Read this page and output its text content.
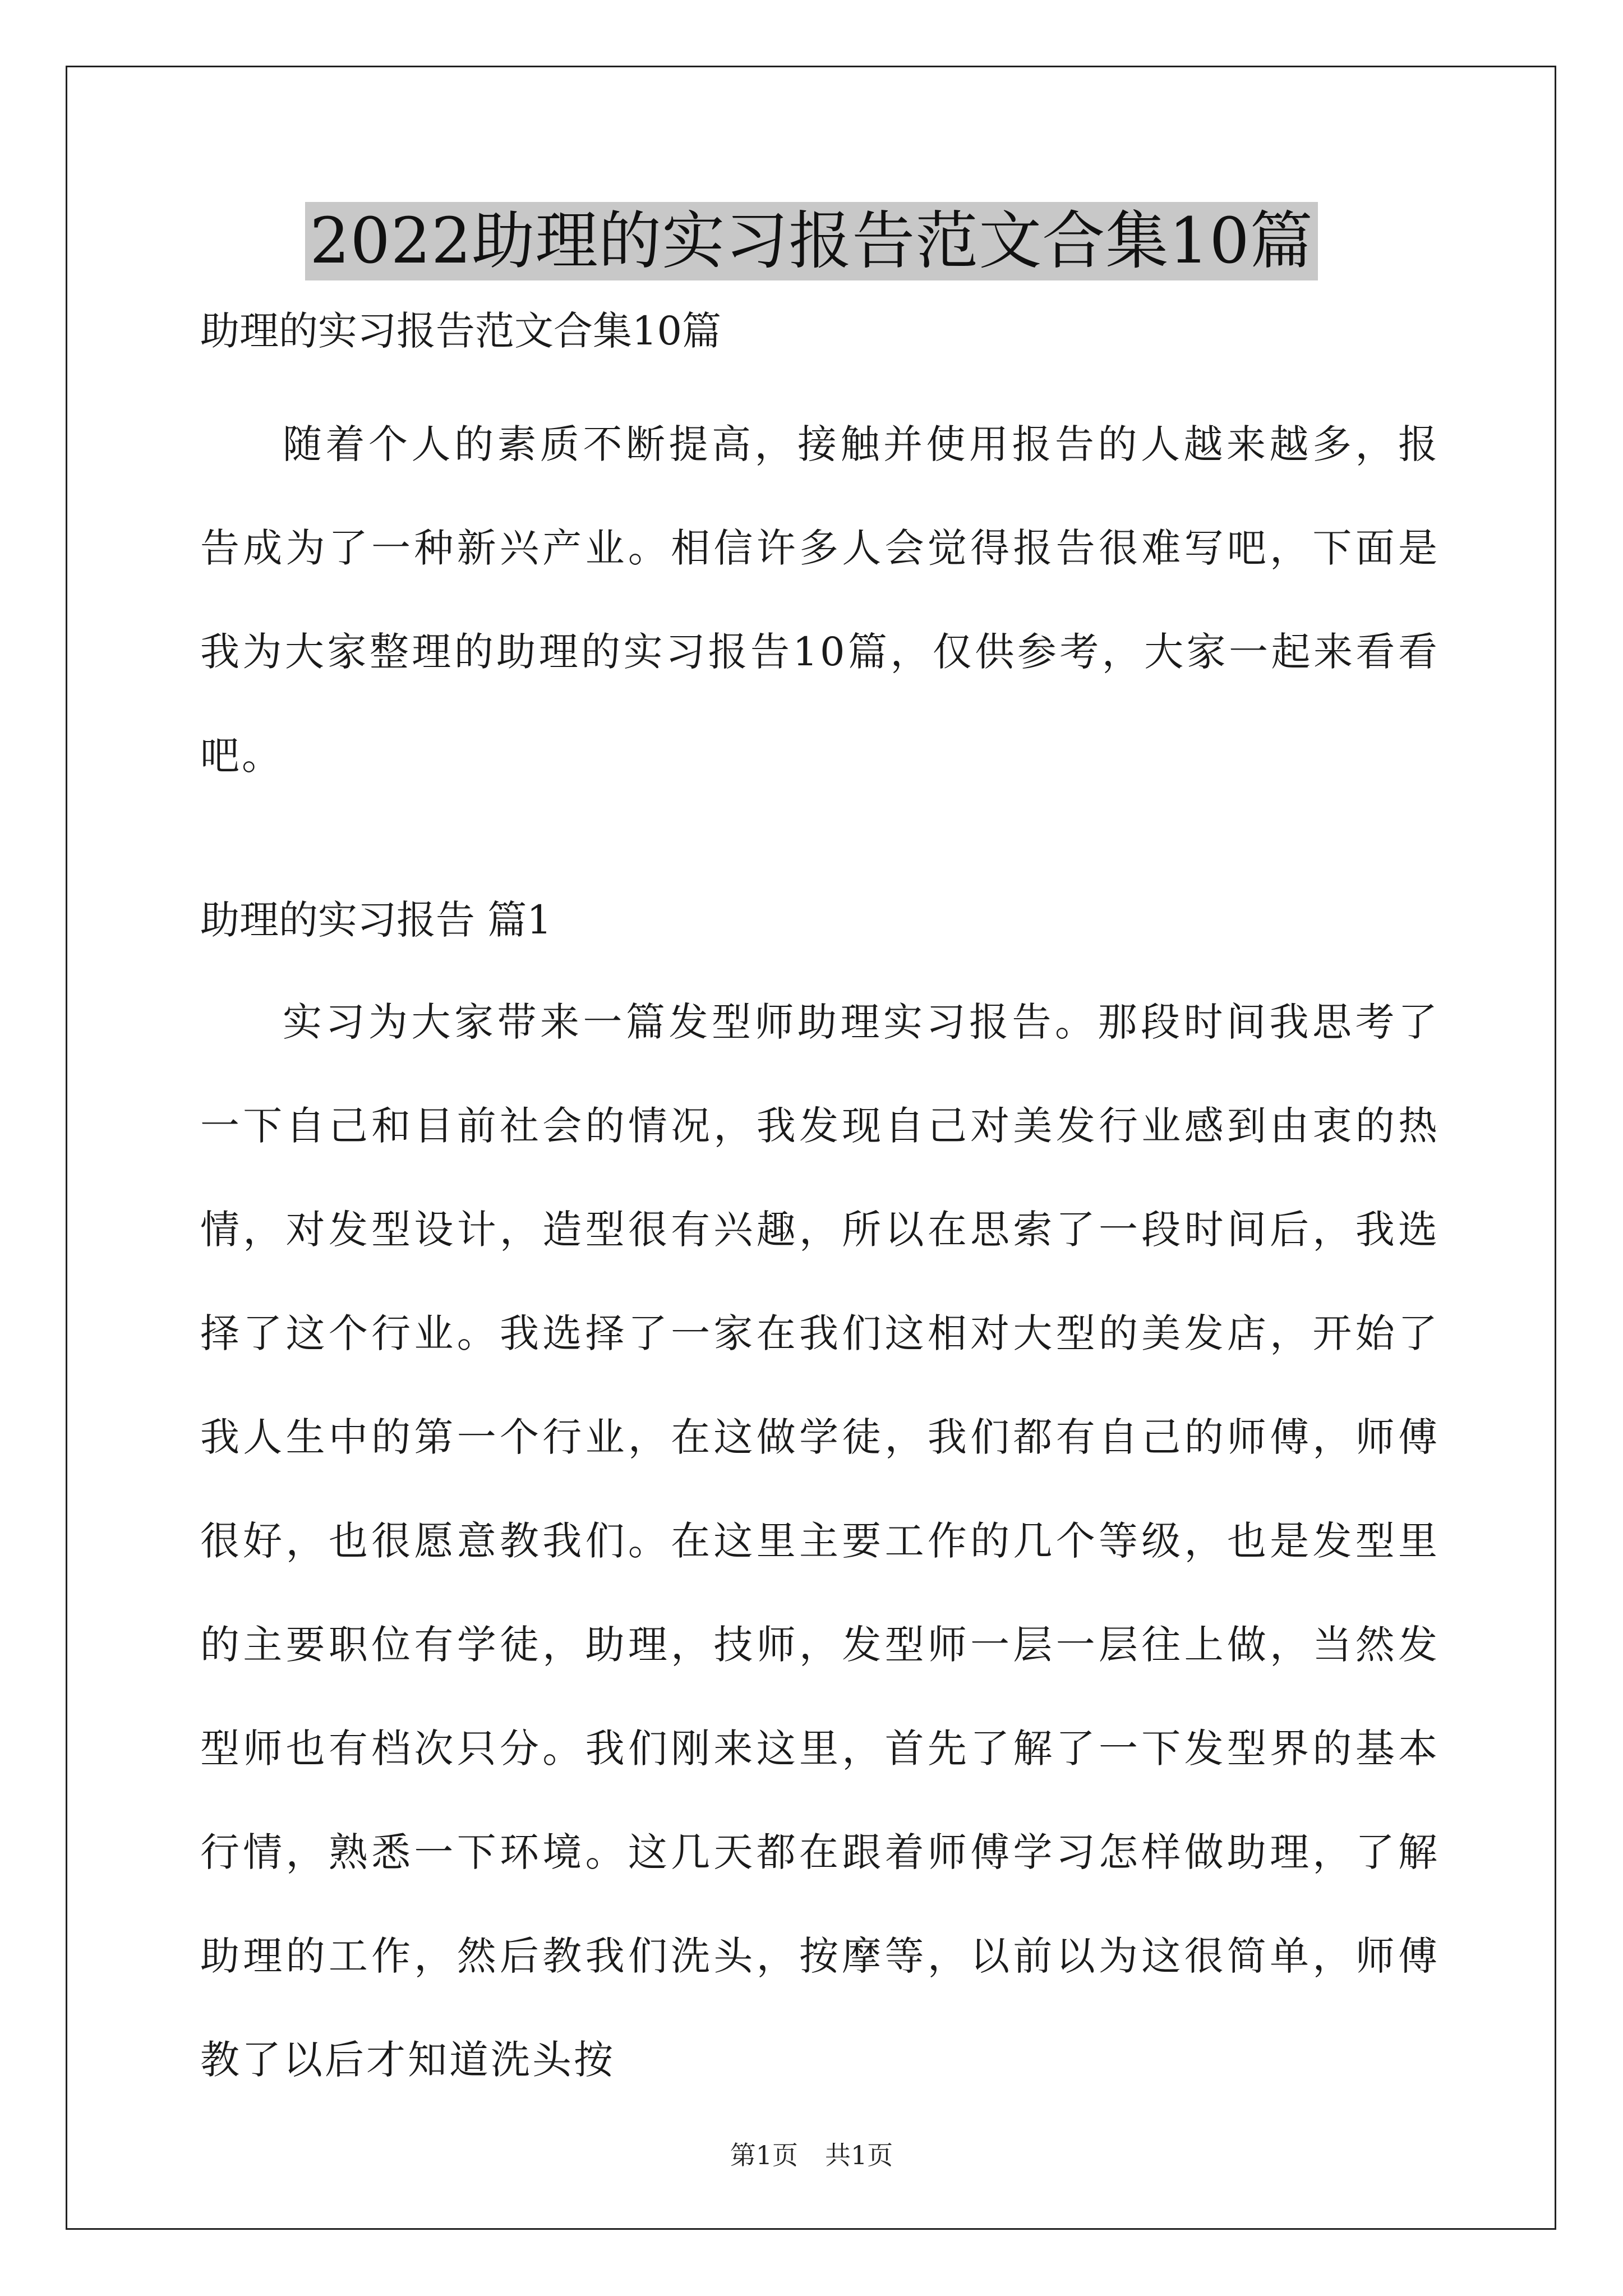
2022助理的实习报告范文合集10篇

助理的实习报告范文合集10篇

随着个人的素质不断提高，接触并使用报告的人越来越多，报告成为了一种新兴产业。相信许多人会觉得报告很难写吧，下面是我为大家整理的助理的实习报告10篇，仅供参考，大家一起来看看吧。

助理的实习报告 篇1

实习为大家带来一篇发型师助理实习报告。那段时间我思考了一下自己和目前社会的情况，我发现自己对美发行业感到由衷的热情，对发型设计，造型很有兴趣，所以在思索了一段时间后，我选择了这个行业。我选择了一家在我们这相对大型的美发店，开始了我人生中的第一个行业，在这做学徒，我们都有自己的师傅，师傅很好，也很愿意教我们。在这里主要工作的几个等级，也是发型里的主要职位有学徒，助理，技师，发型师一层一层往上做，当然发型师也有档次只分。我们刚来这里，首先了解了一下发型界的基本行情，熟悉一下环境。这几天都在跟着师傅学习怎样做助理，了解助理的工作，然后教我们洗头，按摩等，以前以为这很简单，师傅教了以后才知道洗头按

第1页 共1页
